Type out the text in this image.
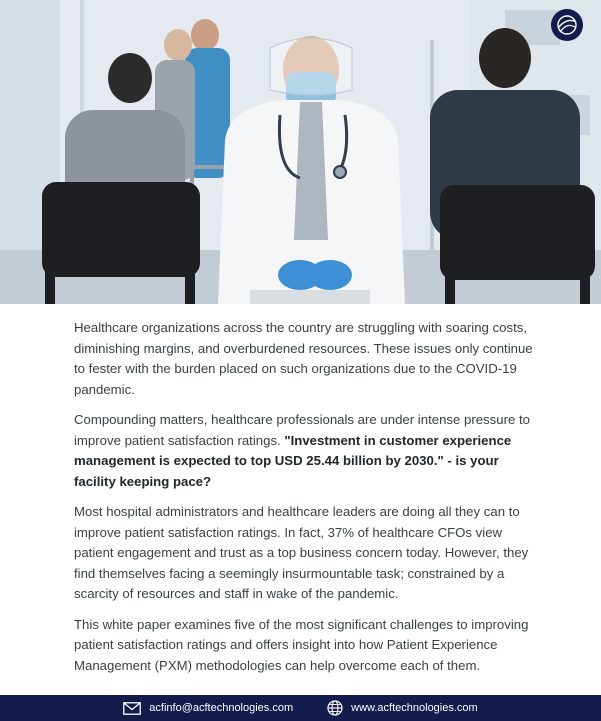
Healthcare organizations across the country are struggling with soaring costs, diminishing margins, and overburdened resources. These issues only continue to fester with the burden placed on such organizations due to the COVID-19 pandemic.

Compounding matters, healthcare professionals are under intense pressure to improve patient satisfaction ratings. "Investment in customer experience management is expected to top USD 25.44 billion by 2030." - is your facility keeping pace?

Most hospital administrators and healthcare leaders are doing all they can to improve patient satisfaction ratings. In fact, 37% of healthcare CFOs view patient engagement and trust as a top business concern today. However, they find themselves facing a seemingly insurmountable task; constrained by a scarcity of resources and staff in wake of the pandemic.

This white paper examines five of the most significant challenges to improving patient satisfaction ratings and offers insight into how Patient Experience Management (PXM) methodologies can help overcome each of them.

acfinfo@acftechnologies.com	www.acftechnologies.com
